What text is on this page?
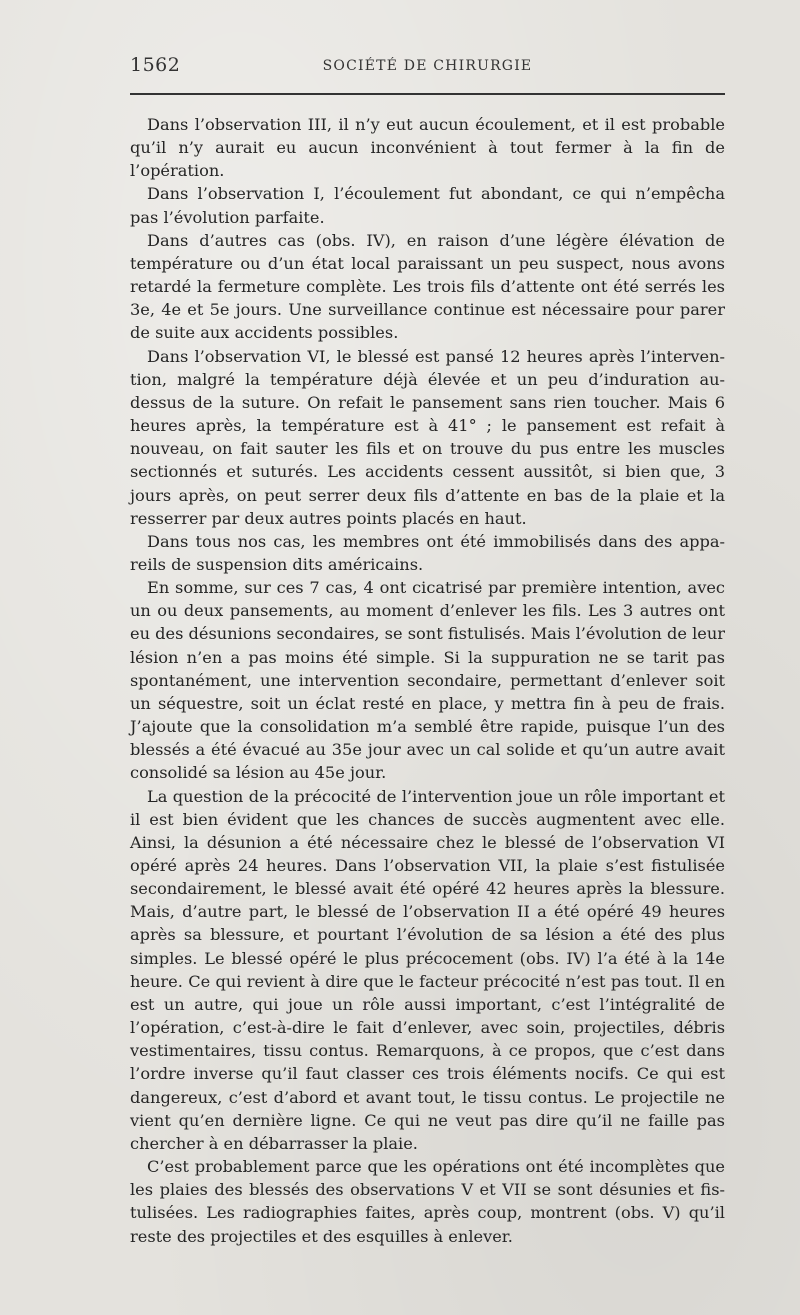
1562	SOCIÉTÉ DE CHIRURGIE

Dans l’observation III, il n’y eut aucun écoulement, et il est probable qu’il n’y aurait eu aucun inconvénient à tout fermer à la fin de l’opération.

Dans l’observation I, l’écoulement fut abondant, ce qui n’empêcha pas l’évolution parfaite.

Dans d’autres cas (obs. IV), en raison d’une légère élévation de température ou d’un état local paraissant un peu suspect, nous avons retardé la fermeture complète. Les trois fils d’attente ont été serrés les 3e, 4e et 5e jours. Une surveillance continue est nécessaire pour parer de suite aux accidents possibles.

Dans l’observation VI, le blessé est pansé 12 heures après l’intervention, malgré la température déjà élevée et un peu d’induration au-dessus de la suture. On refait le pansement sans rien toucher. Mais 6 heures après, la température est à 41° ; le pansement est refait à nouveau, on fait sauter les fils et on trouve du pus entre les muscles sectionnés et suturés. Les accidents cessent aussitôt, si bien que, 3 jours après, on peut serrer deux fils d’attente en bas de la plaie et la resserrer par deux autres points placés en haut.

Dans tous nos cas, les membres ont été immobilisés dans des appareils de suspension dits américains.

En somme, sur ces 7 cas, 4 ont cicatrisé par première intention, avec un ou deux pansements, au moment d’enlever les fils. Les 3 autres ont eu des désunions secondaires, se sont fistulisés. Mais l’évolution de leur lésion n’en a pas moins été simple. Si la suppuration ne se tarit pas spontanément, une intervention secondaire, permettant d’enlever soit un séquestre, soit un éclat resté en place, y mettra fin à peu de frais. J’ajoute que la consolidation m’a semblé être rapide, puisque l’un des blessés a été évacué au 35e jour avec un cal solide et qu’un autre avait consolidé sa lésion au 45e jour.

La question de la précocité de l’intervention joue un rôle important et il est bien évident que les chances de succès augmentent avec elle. Ainsi, la désunion a été nécessaire chez le blessé de l’observation VI opéré après 24 heures. Dans l’observation VII, la plaie s’est fistulisée secondairement, le blessé avait été opéré 42 heures après la blessure. Mais, d’autre part, le blessé de l’observation II a été opéré 49 heures après sa blessure, et pourtant l’évolution de sa lésion a été des plus simples. Le blessé opéré le plus précocement (obs. IV) l’a été à la 14e heure. Ce qui revient à dire que le facteur précocité n’est pas tout. Il en est un autre, qui joue un rôle aussi important, c’est l’intégralité de l’opération, c’est-à-dire le fait d’enlever, avec soin, projectiles, débris vestimentaires, tissu contus. Remarquons, à ce propos, que c’est dans l’ordre inverse qu’il faut classer ces trois éléments nocifs. Ce qui est dangereux, c’est d’abord et avant tout, le tissu contus. Le projectile ne vient qu’en dernière ligne. Ce qui ne veut pas dire qu’il ne faille pas chercher à en débarrasser la plaie.

C’est probablement parce que les opérations ont été incomplètes que les plaies des blessés des observations V et VII se sont désunies et fistulisées. Les radiographies faites, après coup, montrent (obs. V) qu’il reste des projectiles et des esquilles à enlever.
